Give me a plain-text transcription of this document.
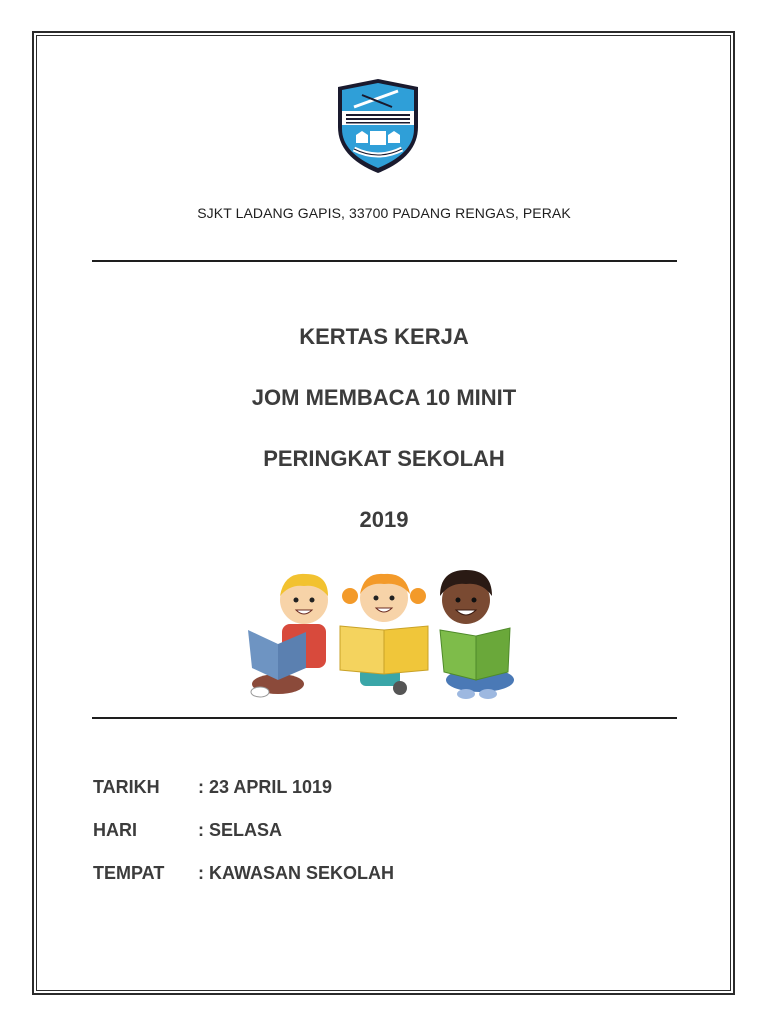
SJKT LADANG GAPIS, 33700 PADANG RENGAS, PERAK
KERTAS KERJA
JOM MEMBACA 10 MINIT
PERINGKAT SEKOLAH
2019
TARIKH : 23 APRIL 1019
HARI	: SELASA
TEMPAT : KAWASAN SEKOLAH
